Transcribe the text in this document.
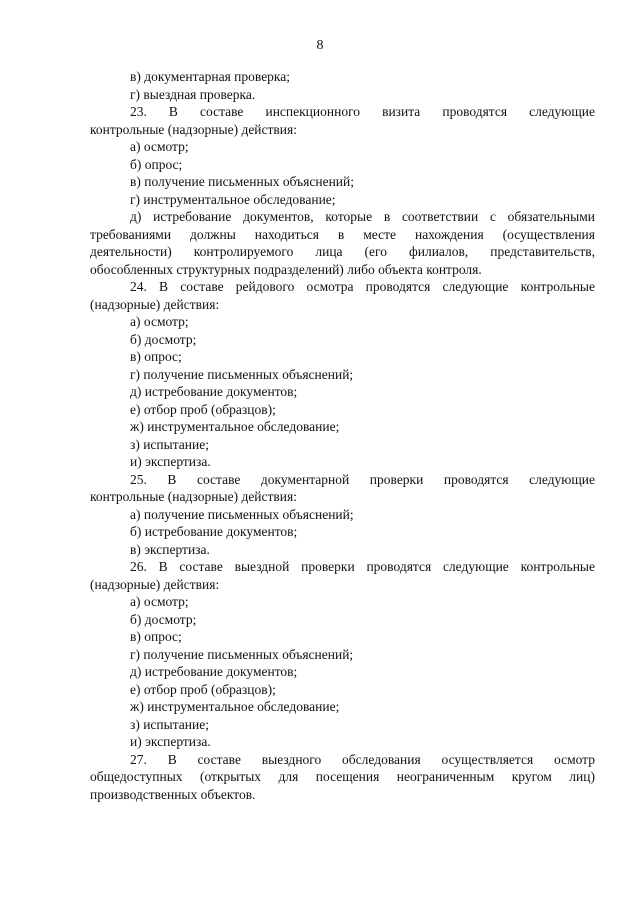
8
в) документарная проверка;
г) выездная проверка.
23. В составе инспекционного визита проводятся следующие
контрольные (надзорные) действия:
а) осмотр;
б) опрос;
в) получение письменных объяснений;
г) инструментальное обследование;
д) истребование документов, которые в соответствии с обязательными
требованиями должны находиться в месте нахождения (осуществления
деятельности) контролируемого лица (его филиалов, представительств,
обособленных структурных подразделений) либо объекта контроля.
24. В составе рейдового осмотра проводятся следующие контрольные
(надзорные) действия:
а) осмотр;
б) досмотр;
в) опрос;
г) получение письменных объяснений;
д) истребование документов;
е) отбор проб (образцов);
ж) инструментальное обследование;
з) испытание;
и) экспертиза.
25. В составе документарной проверки проводятся следующие
контрольные (надзорные) действия:
а) получение письменных объяснений;
б) истребование документов;
в) экспертиза.
26. В составе выездной проверки проводятся следующие контрольные
(надзорные) действия:
а) осмотр;
б) досмотр;
в) опрос;
г) получение письменных объяснений;
д) истребование документов;
е) отбор проб (образцов);
ж) инструментальное обследование;
з) испытание;
и) экспертиза.
27. В составе выездного обследования осуществляется осмотр
общедоступных (открытых для посещения неограниченным кругом лиц)
производственных объектов.
